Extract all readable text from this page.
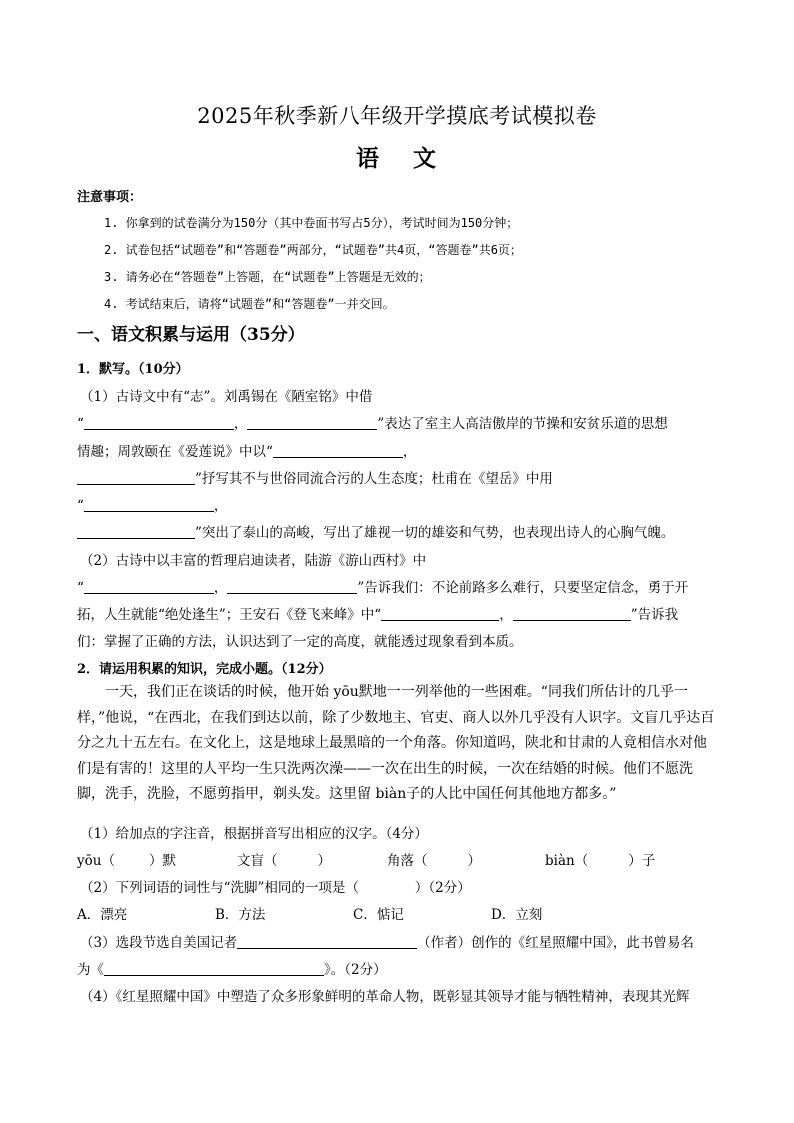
2025年秋季新八年级开学摸底考试模拟卷
语 文
注意事项：
1. 你拿到的试卷满分为150分（其中卷面书写占5分），考试时间为150分钟；
2. 试卷包括“试题卷”和“答题卷”两部分，“试题卷”共4页，“答题卷”共6页；
3. 请务必在“答题卷”上答题，在“试题卷”上答题是无效的；
4. 考试结束后，请将“试题卷”和“答题卷”一并交回。
一、语文积累与运用（35分）
1．默写。（10分）
（1）古诗文中有“志”。刘禹锡在《陋室铭》中借
“	，	”表达了室主人高洁傲岸的节操和安贫乐道的思想
情趣；周敦颐在《爱莲说》中以“	，
”抒写其不与世俗同流合污的人生态度；杜甫在《望岳》中用
“	，
”突出了泰山的高峻，写出了雄视一切的雄姿和气势，也表现出诗人的心胸气魄。
（2）古诗中以丰富的哲理启迪读者，陆游《游山西村》中
“	，	”告诉我们：不论前路多么难行，只要坚定信念，勇于开
拓，人生就能“绝处逢生”；王安石《登飞来峰》中“	，	”告诉我
们：掌握了正确的方法，认识达到了一定的高度，就能透过现象看到本质。
2．请运用积累的知识，完成小题。（12分）
一天，我们正在谈话的时候，他开始 yōu默地一一列举他的一些困难。“同我们所估计的几乎一样，”他说，“在西北，在我们到达以前，除了少数地主、官吏、商人以外几乎没有人识字。文盲几乎达百分之九十五左右。在文化上，这是地球上最黑暗的一个角落。你知道吗，陕北和甘肃的人竟相信水对他们是有害的！这里的人平均一生只洗两次澡——一次在出生的时候，一次在结婚的时候。他们不愿洗脚，洗手，洗脸，不愿剪指甲，剃头发。这里留 biàn子的人比中国任何其他地方都多。”
（1）给加点的字注音，根据拼音写出相应的汉字。（4分）
yōu（	）默	文盲（	）	角落（	）	biàn（	）子
（2）下列词语的词性与“洗脚”相同的一项是（	）（2分）
A．漂亮	B．方法	C．惦记	D．立刻
（3）选段节选自美国记者	（作者）创作的《红星照耀中国》，此书曾易名
为《	》。（2分）
（4）《红星照耀中国》中塑造了众多形象鲜明的革命人物，既彰显其领导才能与牺牲精神，表现其光辉
